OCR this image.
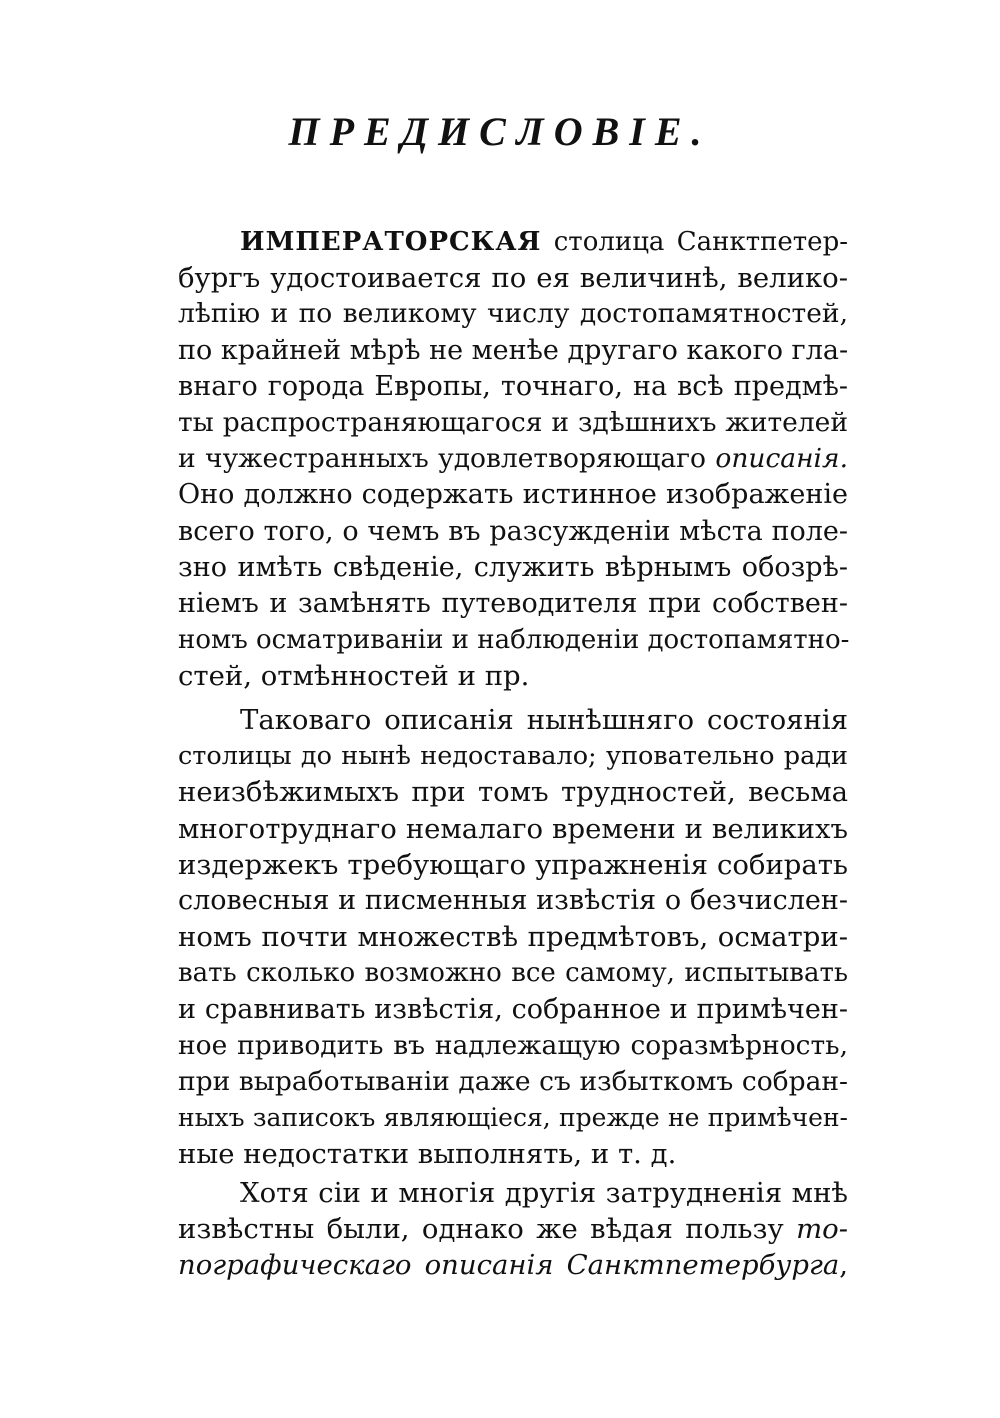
ПРЕДИСЛОВІЕ.
ИМПЕРАТОРСКАЯ столица Санктпетер-
бургъ удостоивается по ея величинѣ, велико-
лѣпію и по великому числу достопамятностей,
по крайней мѣрѣ не менѣе другаго какого гла-
внаго города Европы, точнаго, на всѣ предмѣ-
ты распространяющагося и здѣшнихъ жителей
и чужестранныхъ удовлетворяющаго описанія.
Оно должно содержать истинное изображеніе
всего того, о чемъ въ разсужденіи мѣста поле-
зно имѣть свѣденіе, служить вѣрнымъ обозрѣ-
ніемъ и замѣнять путеводителя при собствен-
номъ осматриваніи и наблюденіи достопамятно-
стей, отмѣнностей и пр.
Таковаго описанія нынѣшняго состоянія
столицы до нынѣ недоставало; уповательно ради
неизбѣжимыхъ при томъ трудностей, весьма
многотруднаго немалаго времени и великихъ
издержекъ требующаго упражненія собирать
словесныя и писменныя извѣстія о безчислен-
номъ почти множествѣ предмѣтовъ, осматри-
вать сколько возможно все самому, испытывать
и сравнивать извѣстія, собранное и примѣчен-
ное приводить въ надлежащую соразмѣрность,
при выработываніи даже съ избыткомъ собран-
ныхъ записокъ являющіеся, прежде не примѣчен-
ные недостатки выполнять, и т. д.
Хотя сіи и многія другія затрудненія мнѣ
извѣстны были, однако же вѣдая пользу то-
пографическаго описанія Санктпетербурга,
